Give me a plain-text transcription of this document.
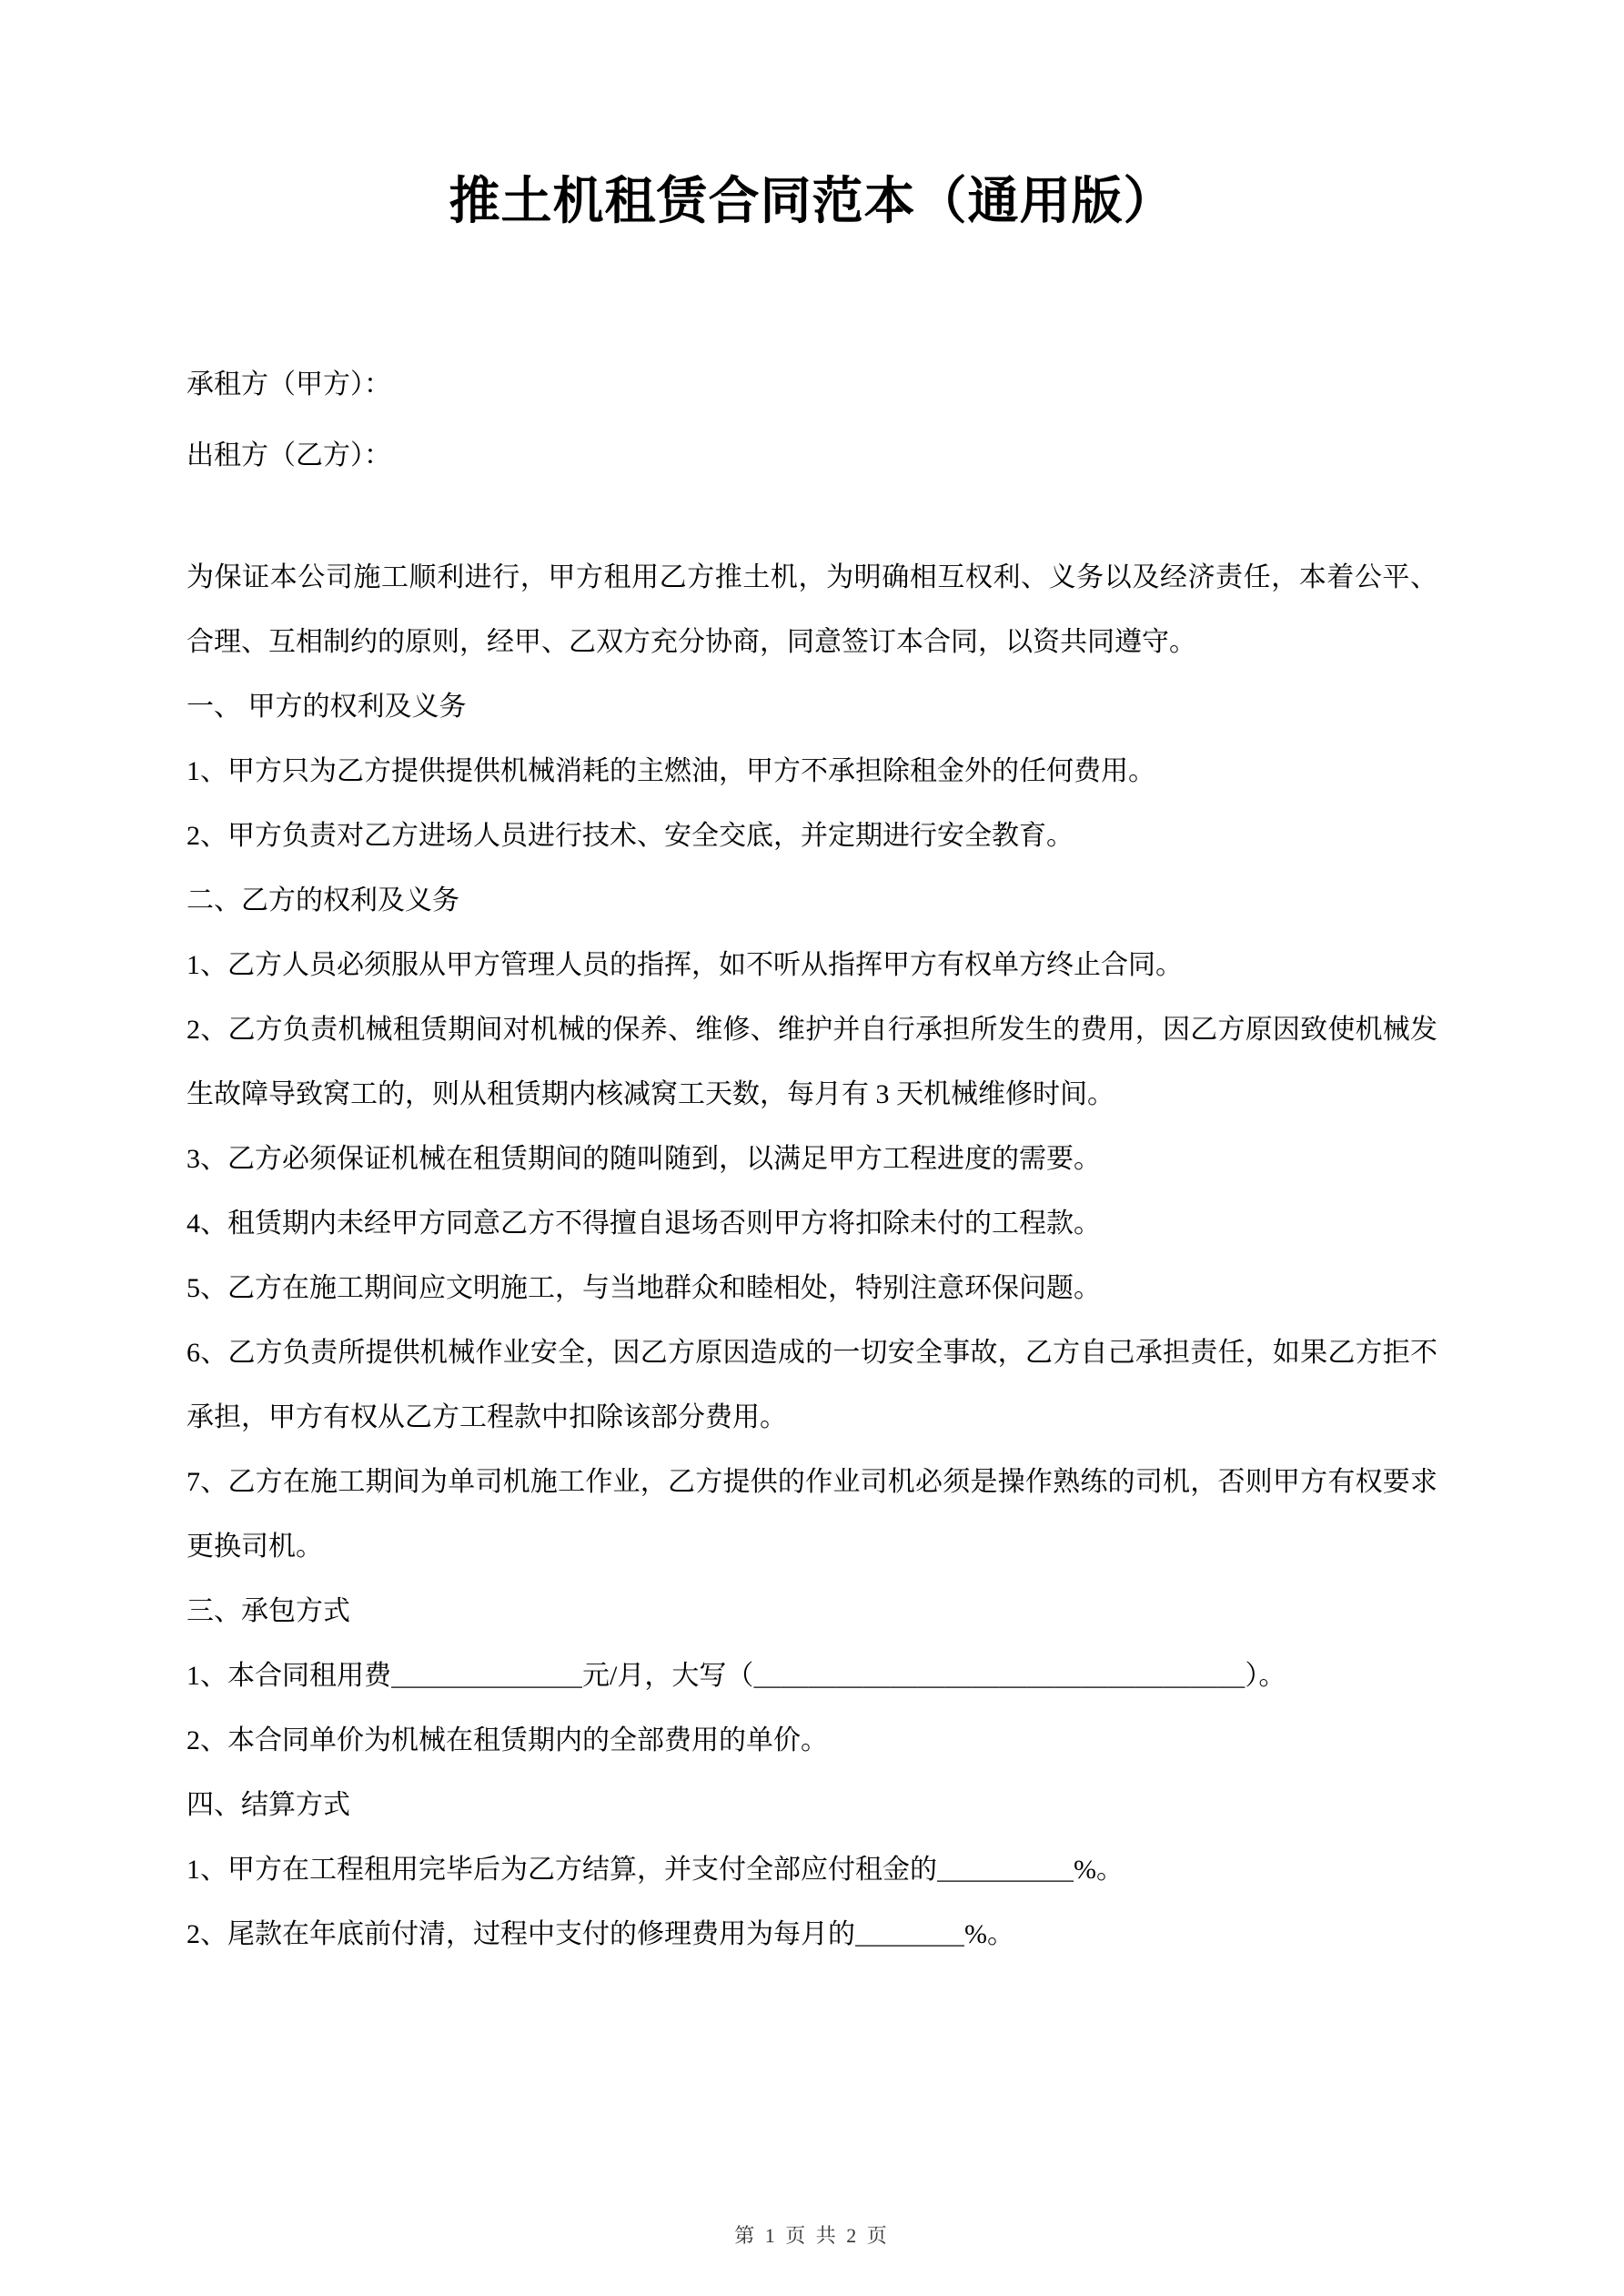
推土机租赁合同范本（通用版）

承租方（甲方）：

出租方（乙方）：

为保证本公司施工顺利进行，甲方租用乙方推土机，为明确相互权利、义务以及经济责任，本着公平、合理、互相制约的原则，经甲、乙双方充分协商，同意签订本合同，以资共同遵守。

一、 甲方的权利及义务

1、甲方只为乙方提供提供机械消耗的主燃油，甲方不承担除租金外的任何费用。

2、甲方负责对乙方进场人员进行技术、安全交底，并定期进行安全教育。

二、乙方的权利及义务

1、乙方人员必须服从甲方管理人员的指挥，如不听从指挥甲方有权单方终止合同。

2、乙方负责机械租赁期间对机械的保养、维修、维护并自行承担所发生的费用，因乙方原因致使机械发生故障导致窝工的，则从租赁期内核减窝工天数，每月有 3 天机械维修时间。

3、乙方必须保证机械在租赁期间的随叫随到，以满足甲方工程进度的需要。

4、租赁期内未经甲方同意乙方不得擅自退场否则甲方将扣除未付的工程款。

5、乙方在施工期间应文明施工，与当地群众和睦相处，特别注意环保问题。

6、乙方负责所提供机械作业安全，因乙方原因造成的一切安全事故，乙方自己承担责任，如果乙方拒不承担，甲方有权从乙方工程款中扣除该部分费用。

7、乙方在施工期间为单司机施工作业，乙方提供的作业司机必须是操作熟练的司机，否则甲方有权要求更换司机。

三、承包方式

1、本合同租用费＿＿＿＿＿＿＿元/月，大写（＿＿＿＿＿＿＿＿＿＿＿＿＿＿＿＿＿＿）。

2、本合同单价为机械在租赁期内的全部费用的单价。

四、结算方式

1、甲方在工程租用完毕后为乙方结算，并支付全部应付租金的＿＿＿＿＿%。

2、尾款在年底前付清，过程中支付的修理费用为每月的＿＿＿＿%。

第 1 页 共 2 页
